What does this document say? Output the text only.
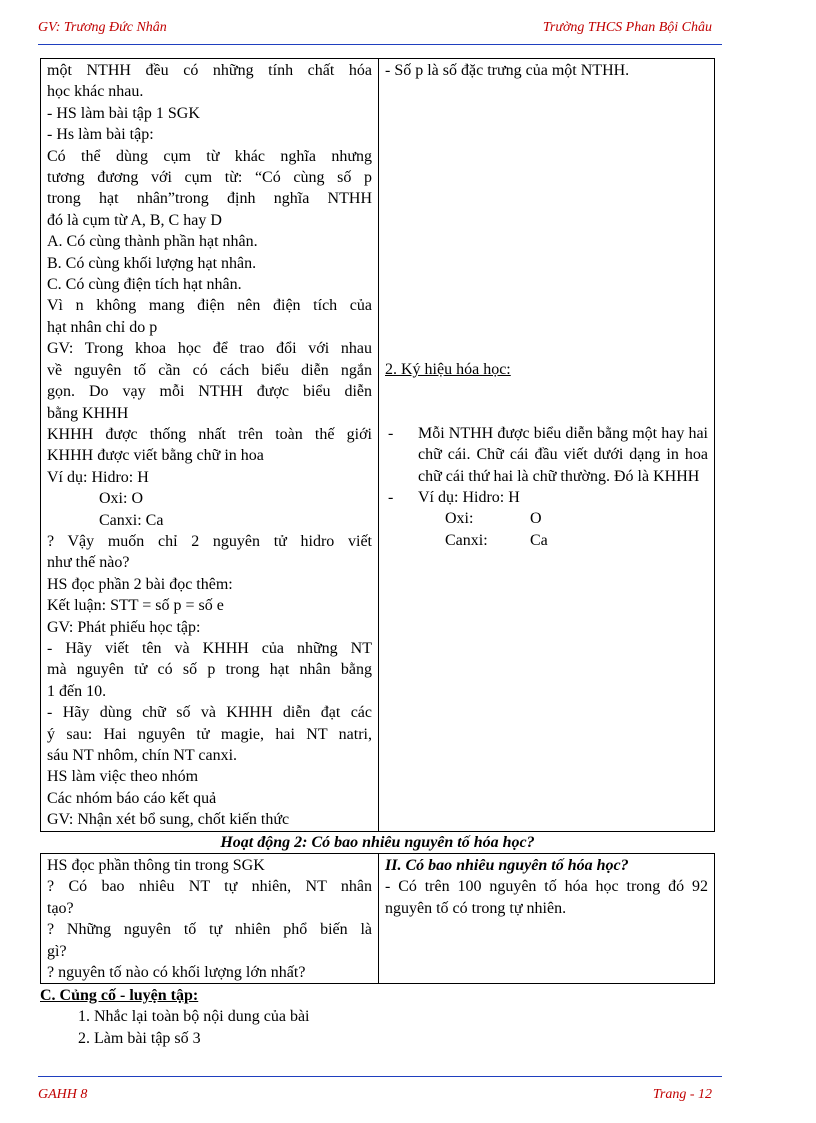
GV: Trương Đức Nhân	Trường THCS Phan Bội Châu
một NTHH đều có những tính chất hóa
học khác nhau.
- HS làm bài tập 1 SGK
- Hs làm bài tập:
Có thể dùng cụm từ khác nghĩa nhưng
tương đương với cụm từ: “Có cùng số p
trong hạt nhân”trong định nghĩa NTHH
đó là cụm từ A, B, C hay D
A. Có cùng thành phần hạt nhân.
B. Có cùng khối lượng hạt nhân.
C. Có cùng điện tích hạt nhân.
Vì n không mang điện nên điện tích của
hạt nhân chỉ do p
GV: Trong khoa học để trao đổi với nhau
về nguyên tố cần có cách biểu diễn ngắn
gọn. Do vạy mỗi NTHH được biểu diễn
bằng KHHH
KHHH được thống nhất trên toàn thế giới
KHHH được viết bằng chữ in hoa
Ví dụ: Hidro: H
Oxi: O
Canxi: Ca
? Vậy muốn chỉ 2 nguyên tử hidro viết
như thế nào?
HS đọc phần 2 bài đọc thêm:
Kết luận: STT = số p = số e
GV: Phát phiếu học tập:
- Hãy viết tên và KHHH của những NT
mà nguyên tử có số p trong hạt nhân bằng
1 đến 10.
- Hãy dùng chữ số và KHHH diễn đạt các
ý sau: Hai nguyên tử magie, hai NT natri,
sáu NT nhôm, chín NT canxi.
HS làm việc theo nhóm
Các nhóm báo cáo kết quả
GV: Nhận xét bổ sung, chốt kiến thức

- Số p là số đặc trưng của một NTHH.
2. Ký hiệu hóa học:
-	Mỗi NTHH được biểu diễn bằng một hay hai chữ cái. Chữ cái đầu viết dưới dạng in hoa chữ cái thứ hai là chữ thường. Đó là KHHH
-	Ví dụ: Hidro: H
Oxi:	O
Canxi:	Ca
Hoạt động 2: Có bao nhiêu nguyên tố hóa học?
HS đọc phần thông tin trong SGK
? Có bao nhiêu NT tự nhiên, NT nhân
tạo?
? Những nguyên tố tự nhiên phổ biến là
gì?
? nguyên tố nào có khối lượng lớn nhất?

II. Có bao nhiêu nguyên tố hóa học?
- Có trên 100 nguyên tố hóa học trong đó 92 nguyên tố có trong tự nhiên.
C. Củng cố - luyện tập:
1. Nhắc lại toàn bộ nội dung của bài
2. Làm bài tập số 3
GAHH 8	Trang - 12
